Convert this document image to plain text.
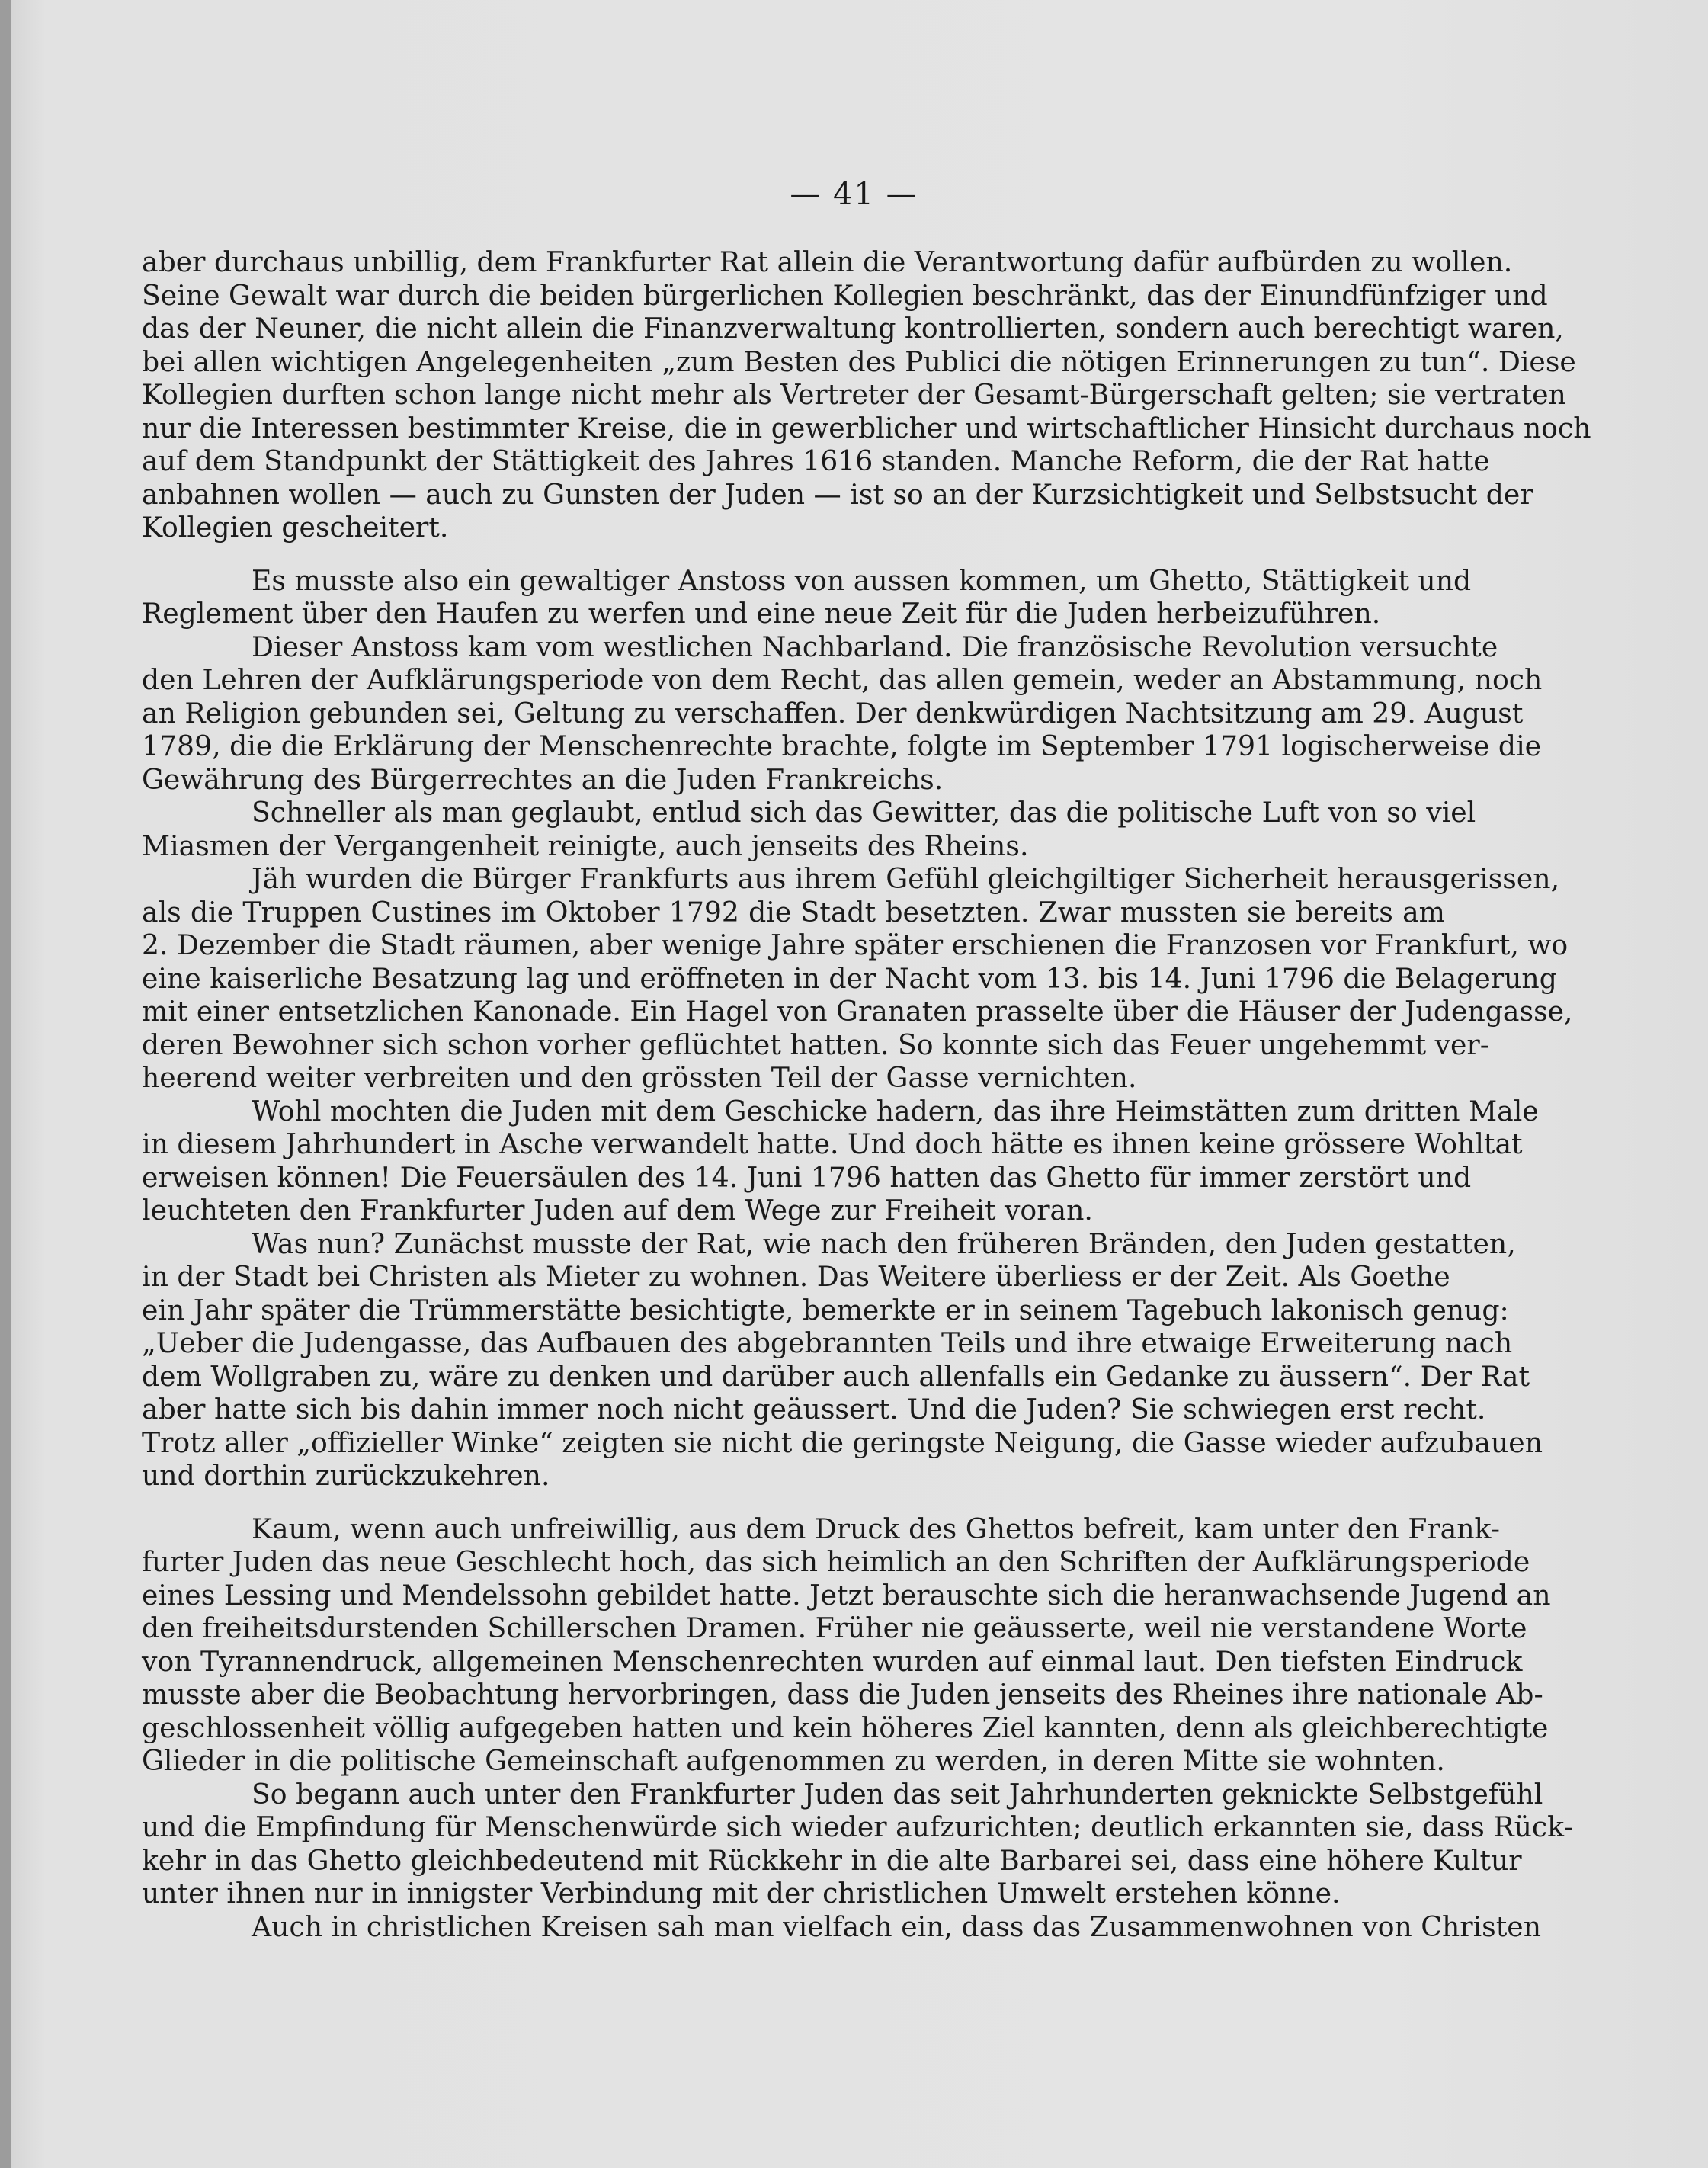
— 41 —

aber durchaus unbillig, dem Frankfurter Rat allein die Verantwortung dafür aufbürden zu wollen.
Seine Gewalt war durch die beiden bürgerlichen Kollegien beschränkt, das der Einundfünfziger und
das der Neuner, die nicht allein die Finanzverwaltung kontrollierten, sondern auch berechtigt waren,
bei allen wichtigen Angelegenheiten „zum Besten des Publici die nötigen Erinnerungen zu tun“. Diese
Kollegien durften schon lange nicht mehr als Vertreter der Gesamt-Bürgerschaft gelten; sie vertraten
nur die Interessen bestimmter Kreise, die in gewerblicher und wirtschaftlicher Hinsicht durchaus noch
auf dem Standpunkt der Stättigkeit des Jahres 1616 standen. Manche Reform, die der Rat hatte
anbahnen wollen — auch zu Gunsten der Juden — ist so an der Kurzsichtigkeit und Selbstsucht der
Kollegien gescheitert.

Es musste also ein gewaltiger Anstoss von aussen kommen, um Ghetto, Stättigkeit und
Reglement über den Haufen zu werfen und eine neue Zeit für die Juden herbeizuführen.

Dieser Anstoss kam vom westlichen Nachbarland. Die französische Revolution versuchte
den Lehren der Aufklärungsperiode von dem Recht, das allen gemein, weder an Abstammung, noch
an Religion gebunden sei, Geltung zu verschaffen. Der denkwürdigen Nachtsitzung am 29. August
1789, die die Erklärung der Menschenrechte brachte, folgte im September 1791 logischerweise die
Gewährung des Bürgerrechtes an die Juden Frankreichs.

Schneller als man geglaubt, entlud sich das Gewitter, das die politische Luft von so viel
Miasmen der Vergangenheit reinigte, auch jenseits des Rheins.

Jäh wurden die Bürger Frankfurts aus ihrem Gefühl gleichgiltiger Sicherheit herausgerissen,
als die Truppen Custines im Oktober 1792 die Stadt besetzten. Zwar mussten sie bereits am
2. Dezember die Stadt räumen, aber wenige Jahre später erschienen die Franzosen vor Frankfurt, wo
eine kaiserliche Besatzung lag und eröffneten in der Nacht vom 13. bis 14. Juni 1796 die Belagerung
mit einer entsetzlichen Kanonade. Ein Hagel von Granaten prasselte über die Häuser der Judengasse,
deren Bewohner sich schon vorher geflüchtet hatten. So konnte sich das Feuer ungehemmt ver-
heerend weiter verbreiten und den grössten Teil der Gasse vernichten.

Wohl mochten die Juden mit dem Geschicke hadern, das ihre Heimstätten zum dritten Male
in diesem Jahrhundert in Asche verwandelt hatte. Und doch hätte es ihnen keine grössere Wohltat
erweisen können! Die Feuersäulen des 14. Juni 1796 hatten das Ghetto für immer zerstört und
leuchteten den Frankfurter Juden auf dem Wege zur Freiheit voran.

Was nun? Zunächst musste der Rat, wie nach den früheren Bränden, den Juden gestatten,
in der Stadt bei Christen als Mieter zu wohnen. Das Weitere überliess er der Zeit. Als Goethe
ein Jahr später die Trümmerstätte besichtigte, bemerkte er in seinem Tagebuch lakonisch genug:
„Ueber die Judengasse, das Aufbauen des abgebrannten Teils und ihre etwaige Erweiterung nach
dem Wollgraben zu, wäre zu denken und darüber auch allenfalls ein Gedanke zu äussern“. Der Rat
aber hatte sich bis dahin immer noch nicht geäussert. Und die Juden? Sie schwiegen erst recht.
Trotz aller „offizieller Winke“ zeigten sie nicht die geringste Neigung, die Gasse wieder aufzubauen
und dorthin zurückzukehren.

Kaum, wenn auch unfreiwillig, aus dem Druck des Ghettos befreit, kam unter den Frank-
furter Juden das neue Geschlecht hoch, das sich heimlich an den Schriften der Aufklärungsperiode
eines Lessing und Mendelssohn gebildet hatte. Jetzt berauschte sich die heranwachsende Jugend an
den freiheitsdurstenden Schillerschen Dramen. Früher nie geäusserte, weil nie verstandene Worte
von Tyrannendruck, allgemeinen Menschenrechten wurden auf einmal laut. Den tiefsten Eindruck
musste aber die Beobachtung hervorbringen, dass die Juden jenseits des Rheines ihre nationale Ab-
geschlossenheit völlig aufgegeben hatten und kein höheres Ziel kannten, denn als gleichberechtigte
Glieder in die politische Gemeinschaft aufgenommen zu werden, in deren Mitte sie wohnten.

So begann auch unter den Frankfurter Juden das seit Jahrhunderten geknickte Selbstgefühl
und die Empfindung für Menschenwürde sich wieder aufzurichten; deutlich erkannten sie, dass Rück-
kehr in das Ghetto gleichbedeutend mit Rückkehr in die alte Barbarei sei, dass eine höhere Kultur
unter ihnen nur in innigster Verbindung mit der christlichen Umwelt erstehen könne.

Auch in christlichen Kreisen sah man vielfach ein, dass das Zusammenwohnen von Christen
